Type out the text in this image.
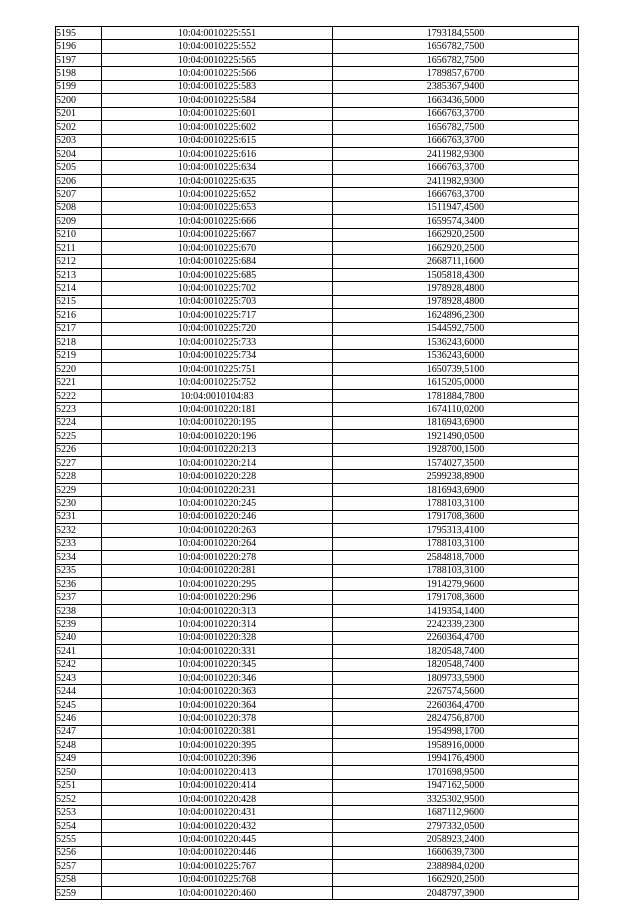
5195	10:04:0010225:551	1793184,5500
5196	10:04:0010225:552	1656782,7500
5197	10:04:0010225:565	1656782,7500
5198	10:04:0010225:566	1789857,6700
5199	10:04:0010225:583	2385367,9400
5200	10:04:0010225:584	1663436,5000
5201	10:04:0010225:601	1666763,3700
5202	10:04:0010225:602	1656782,7500
5203	10:04:0010225:615	1666763,3700
5204	10:04:0010225:616	2411982,9300
5205	10:04:0010225:634	1666763,3700
5206	10:04:0010225:635	2411982,9300
5207	10:04:0010225:652	1666763,3700
5208	10:04:0010225:653	1511947,4500
5209	10:04:0010225:666	1659574,3400
5210	10:04:0010225:667	1662920,2500
5211	10:04:0010225:670	1662920,2500
5212	10:04:0010225:684	2668711,1600
5213	10:04:0010225:685	1505818,4300
5214	10:04:0010225:702	1978928,4800
5215	10:04:0010225:703	1978928,4800
5216	10:04:0010225:717	1624896,2300
5217	10:04:0010225:720	1544592,7500
5218	10:04:0010225:733	1536243,6000
5219	10:04:0010225:734	1536243,6000
5220	10:04:0010225:751	1650739,5100
5221	10:04:0010225:752	1615205,0000
5222	10:04:0010104:83	1781884,7800
5223	10:04:0010220:181	1674110,0200
5224	10:04:0010220:195	1816943,6900
5225	10:04:0010220:196	1921490,0500
5226	10:04:0010220:213	1928700,1500
5227	10:04:0010220:214	1574027,3500
5228	10:04:0010220:228	2599238,8900
5229	10:04:0010220:231	1816943,6900
5230	10:04:0010220:245	1788103,3100
5231	10:04:0010220:246	1791708,3600
5232	10:04:0010220:263	1795313,4100
5233	10:04:0010220:264	1788103,3100
5234	10:04:0010220:278	2584818,7000
5235	10:04:0010220:281	1788103,3100
5236	10:04:0010220:295	1914279,9600
5237	10:04:0010220:296	1791708,3600
5238	10:04:0010220:313	1419354,1400
5239	10:04:0010220:314	2242339,2300
5240	10:04:0010220:328	2260364,4700
5241	10:04:0010220:331	1820548,7400
5242	10:04:0010220:345	1820548,7400
5243	10:04:0010220:346	1809733,5900
5244	10:04:0010220:363	2267574,5600
5245	10:04:0010220:364	2260364,4700
5246	10:04:0010220:378	2824756,8700
5247	10:04:0010220:381	1954998,1700
5248	10:04:0010220:395	1958916,0000
5249	10:04:0010220:396	1994176,4900
5250	10:04:0010220:413	1701698,9500
5251	10:04:0010220:414	1947162,5000
5252	10:04:0010220:428	3325302,9500
5253	10:04:0010220:431	1687112,9600
5254	10:04:0010220:432	2797332,0500
5255	10:04:0010220:445	2058923,2400
5256	10:04:0010220:446	1660639,7300
5257	10:04:0010225:767	2388984,0200
5258	10:04:0010225:768	1662920,2500
5259	10:04:0010220:460	2048797,3900
